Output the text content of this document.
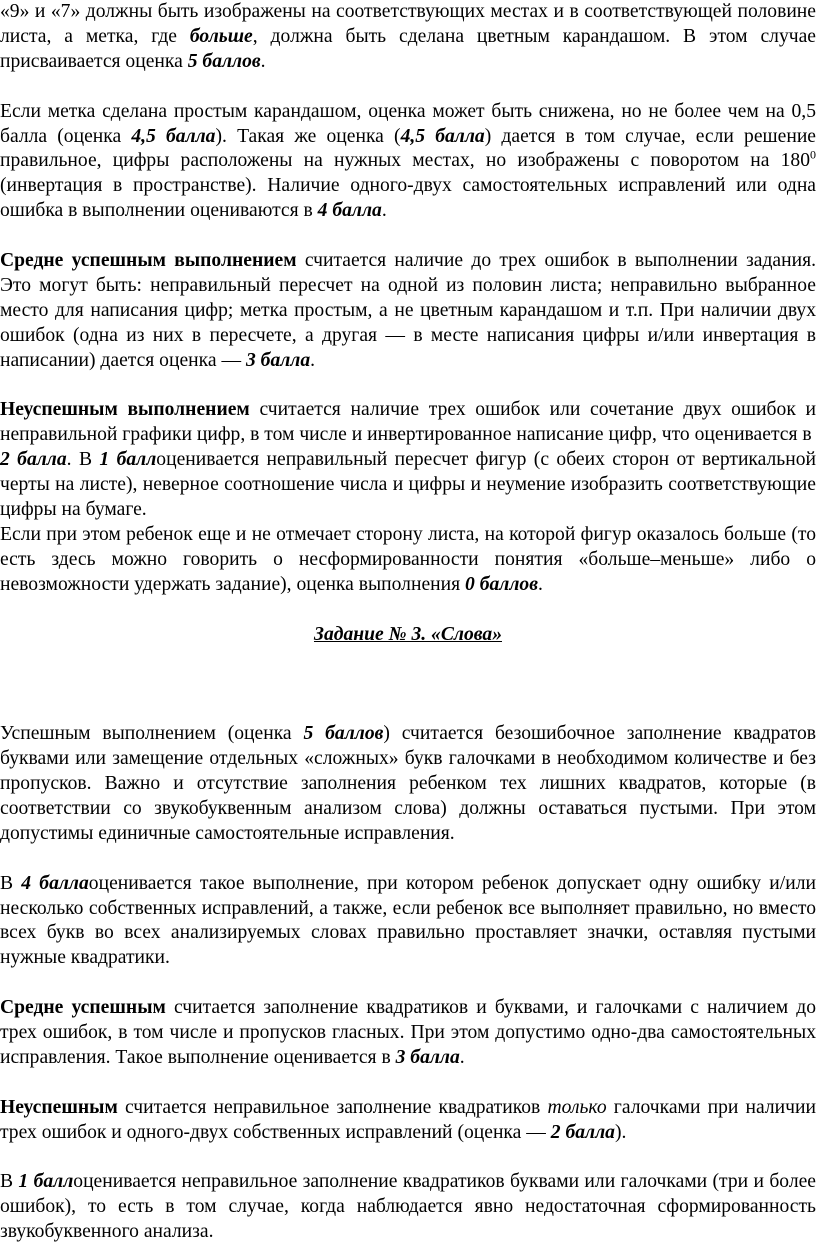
«9» и «7» должны быть изображены на соответствующих местах и в соответствующей половине листа, а метка, где больше, должна быть сделана цветным карандашом. В этом случае присваивается оценка 5 баллов.

Если метка сделана простым карандашом, оценка может быть снижена, но не более чем на 0,5 балла (оценка 4,5 балла). Такая же оценка (4,5 балла) дается в том случае, если решение правильное, цифры расположены на нужных местах, но изображены с поворотом на $180^0$ (инвертация в пространстве). Наличие одного-двух самостоятельных исправлений или одна ошибка в выполнении оцениваются в 4 балла.

Средне успешным выполнением считается наличие до трех ошибок в выполнении задания. Это могут быть: неправильный пересчет на одной из половин листа; неправильно выбранное место для написания цифр; метка простым, а не цветным карандашом и т.п. При наличии двух ошибок (одна из них в пересчете, а другая — в месте написания цифры и/или инвертация в написании) дается оценка — 3 балла.

Неуспешным выполнением считается наличие трех ошибок или сочетание двух ошибок и неправильной графики цифр, в том числе и инвертированное написание цифр, что оценивается в
2 балла. В 1 баллоценивается неправильный пересчет фигур (с обеих сторон от вертикальной черты на листе), неверное соотношение числа и цифры и неумение изобразить соответствующие цифры на бумаге.

Если при этом ребенок еще и не отмечает сторону листа, на которой фигур оказалось больше (то есть здесь можно говорить о несформированности понятия «больше–меньше» либо о невозможности удержать задание), оценка выполнения 0 баллов.

Задание № 3. «Слова»

Успешным выполнением (оценка 5 баллов) считается безошибочное заполнение квадратов буквами или замещение отдельных «сложных» букв галочками в необходимом количестве и без пропусков. Важно и отсутствие заполнения ребенком тех лишних квадратов, которые (в соответствии со звукобуквенным анализом слова) должны оставаться пустыми. При этом допустимы единичные самостоятельные исправления.

В 4 баллаоценивается такое выполнение, при котором ребенок допускает одну ошибку и/или несколько собственных исправлений, а также, если ребенок все выполняет правильно, но вместо всех букв во всех анализируемых словах правильно проставляет значки, оставляя пустыми нужные квадратики.

Средне успешным считается заполнение квадратиков и буквами, и галочками с наличием до трех ошибок, в том числе и пропусков гласных. При этом допустимо одно-два самостоятельных исправления. Такое выполнение оценивается в 3 балла.

Неуспешным считается неправильное заполнение квадратиков только галочками при наличии трех ошибок и одного-двух собственных исправлений (оценка — 2 балла).

В 1 баллоценивается неправильное заполнение квадратиков буквами или галочками (три и более ошибок), то есть в том случае, когда наблюдается явно недостаточная сформированность звукобуквенного анализа.
